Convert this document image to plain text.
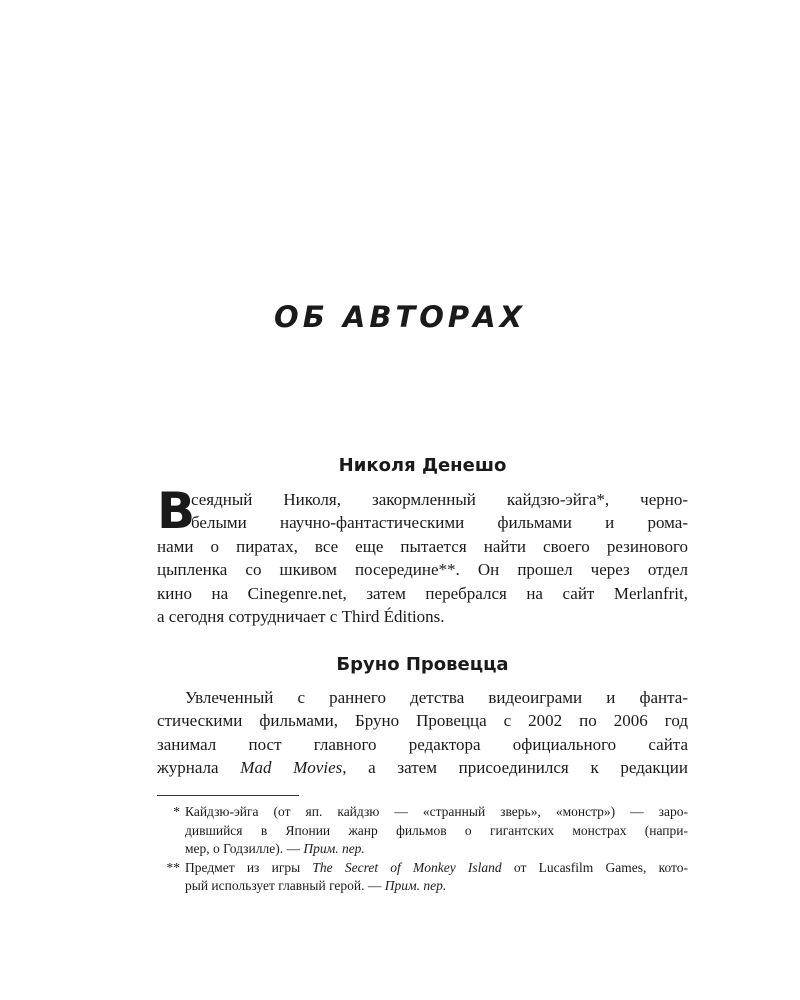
ОБ АВТОРАХ
Николя Денешо
В
сеядный Николя, закормленный кайдзю-эйга*, черно-
белыми научно-фантастическими фильмами и рома-
нами о пиратах, все еще пытается найти своего резинового
цыпленка со шкивом посередине**. Он прошел через отдел
кино на Cinegenre.net, затем перебрался на сайт Merlanfrit,
а сегодня сотрудничает с Third Éditions.
Бруно Провецца
Увлеченный с раннего детства видеоиграми и фанта-
стическими фильмами, Бруно Провецца с 2002 по 2006 год
занимал пост главного редактора официального сайта
журнала Mad Movies, а затем присоединился к редакции
* Кайдзю-эйга (от яп. кайдзю — «странный зверь», «монстр») — заро-
дившийся в Японии жанр фильмов о гигантских монстрах (напри-
мер, о Годзилле). — Прим. пер.
** Предмет из игры The Secret of Monkey Island от Lucasfilm Games, кото-
рый использует главный герой. — Прим. пер.
